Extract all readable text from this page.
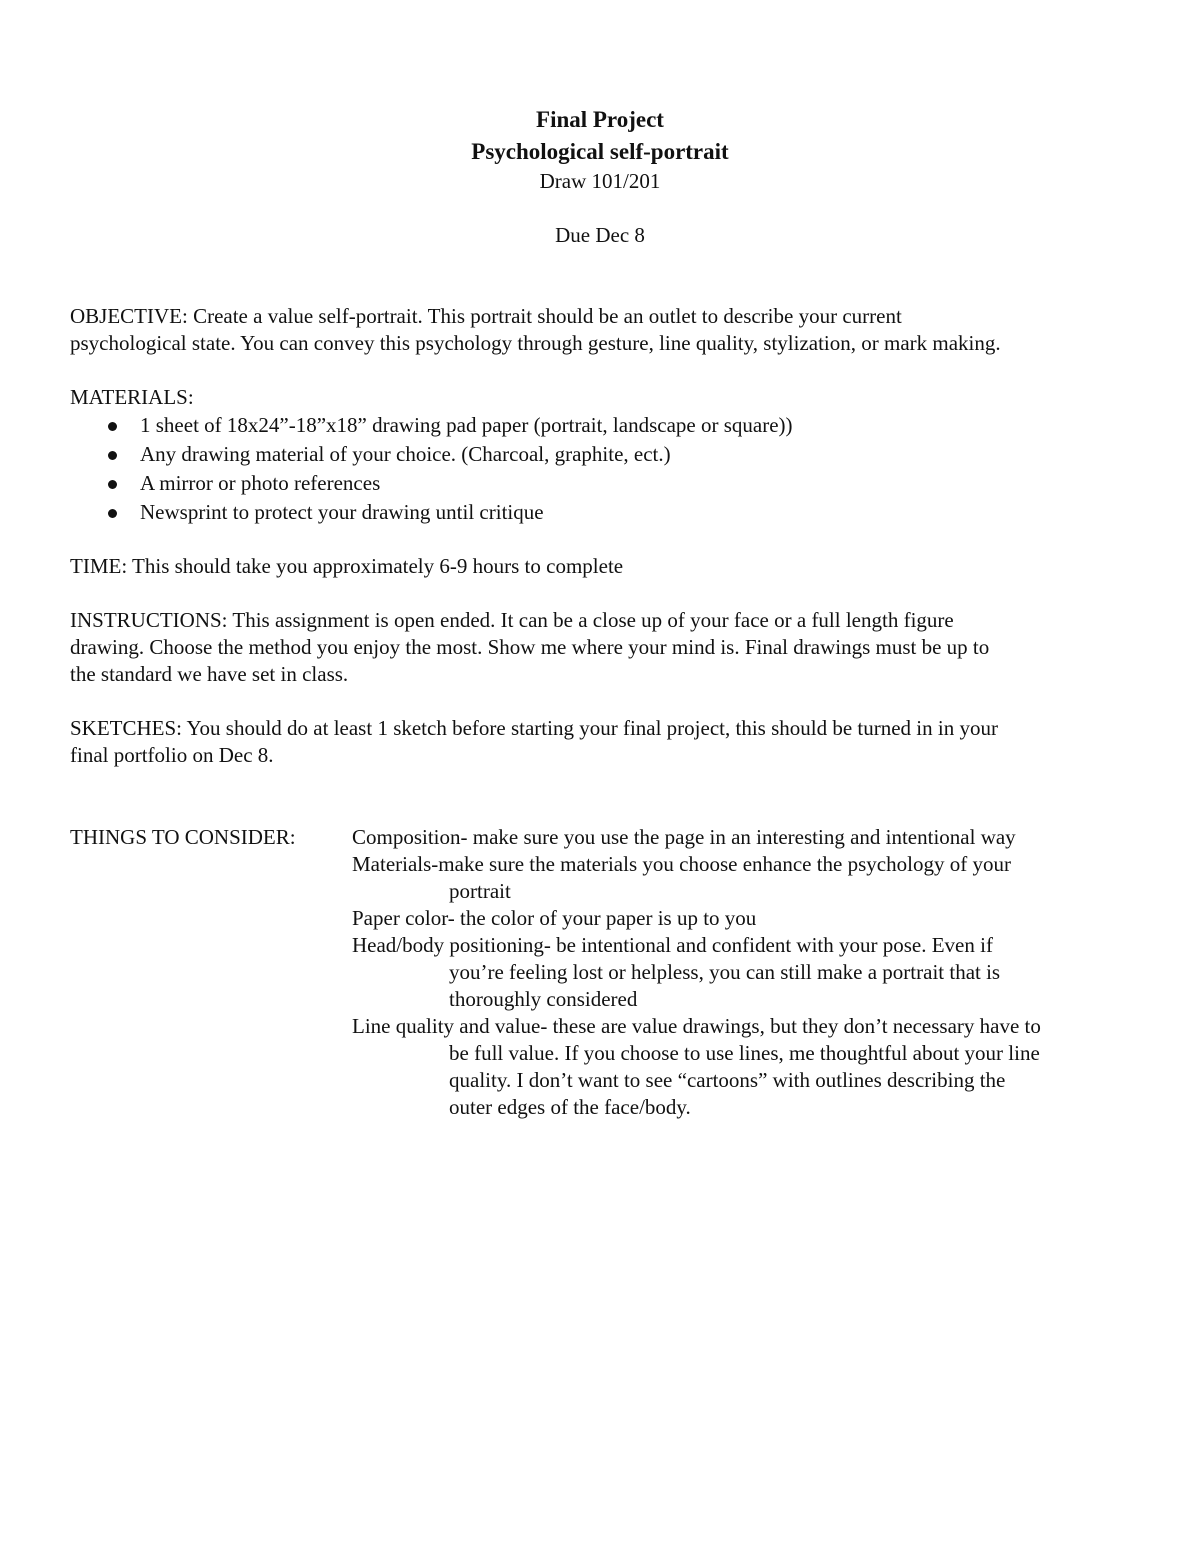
Final Project
Psychological self-portrait
Draw 101/201
Due Dec 8

OBJECTIVE: Create a value self-portrait. This portrait should be an outlet to describe your current

psychological state. You can convey this psychology through gesture, line quality, stylization, or mark making.

MATERIALS:
1 sheet of 18x24”-18”x18” drawing pad paper (portrait, landscape or square))
Any drawing material of your choice. (Charcoal, graphite, ect.)
A mirror or photo references
Newsprint to protect your drawing until critique
TIME: This should take you approximately 6-9 hours to complete

INSTRUCTIONS: This assignment is open ended. It can be a close up of your face or a full length figure

drawing. Choose the method you enjoy the most. Show me where your mind is. Final drawings must be up to

the standard we have set in class.

SKETCHES: You should do at least 1 sketch before starting your final project, this should be turned in in your

final portfolio on Dec 8.

THINGS TO CONSIDER:	Composition- make sure you use the page in an interesting and intentional way
Materials-make sure the materials you choose enhance the psychology of your
portrait
Paper color- the color of your paper is up to you
Head/body positioning- be intentional and confident with your pose. Even if
you’re feeling lost or helpless, you can still make a portrait that is
thoroughly considered
Line quality and value- these are value drawings, but they don’t necessary have to
be full value. If you choose to use lines, me thoughtful about your line
quality. I don’t want to see “cartoons” with outlines describing the
outer edges of the face/body.
